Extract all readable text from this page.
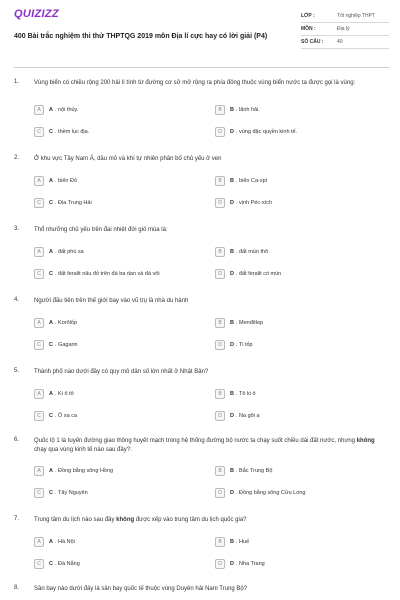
QUIZIZZ
400 Bài trắc nghiệm thi thử THPTQG 2019 môn Địa lí cực hay có lời giải (P4)
LỚP :	Tốt nghiệp THPT
MÔN :	Địa lý
SỐ CÂU :	40
1. Vùng biển có chiều rộng 200 hải lí tính từ đường cơ sở mở rộng ra phía đông thuộc vùng biển nước ta được gọi là vùng:
A	A . nội thủy.	B	B . lãnh hải.
C	C . thềm lục địa.	D	D . vùng đặc quyền kinh tế.
2. Ở khu vực Tây Nam Á, dầu mỏ và khí tự nhiên phân bố chủ yếu ở ven
A	A . biển Đỏ	B	B . biển Ca-xpi
C	C . Địa Trung Hải	D	D . vịnh Péc-xích
3. Thổ nhưỡng chủ yếu trên đai nhiệt đới gió mùa là:
A	A . đất phù sa	B	B . đất mùn thô
C	C . đất feralit nâu đỏ trên đá ba dan và đá vôi	D	D . đất feralit có mùn
4. Người đầu tiên trên thế giới bay vào vũ trụ là nhà du hành
A	A . Korôlốp	B	B . Menđêlep
C	C . Gagarin	D	D . Ti tốp
5. Thành phố nào dưới đây có quy mô dân số lớn nhất ở Nhật Bản?
A	A . Ki ô tô	B	B . Tô ki ô
C	C . Ô xa ca	D	D . Na gôi a
6. Quốc lộ 1 là tuyến đường giao thông huyết mạch trong hệ thống đường bộ nước ta chạy suốt chiều dài đất nước, nhưng không chạy qua vùng kinh tế nào sau đây?:
A	A . Đồng bằng sông Hồng	B	B . Bắc Trung Bộ
C	C . Tây Nguyên	D	D . Đồng bằng sông Cửu Long
7. Trung tâm du lịch nào sau đây không được xếp vào trung tâm du lịch quốc gia?
A	A . Hà Nội	B	B . Huế
C	C . Đà Nẵng	D	D . Nha Trang
8. Sân bay nào dưới đây là sân bay quốc tế thuộc vùng Duyên hải Nam Trung Bộ?
